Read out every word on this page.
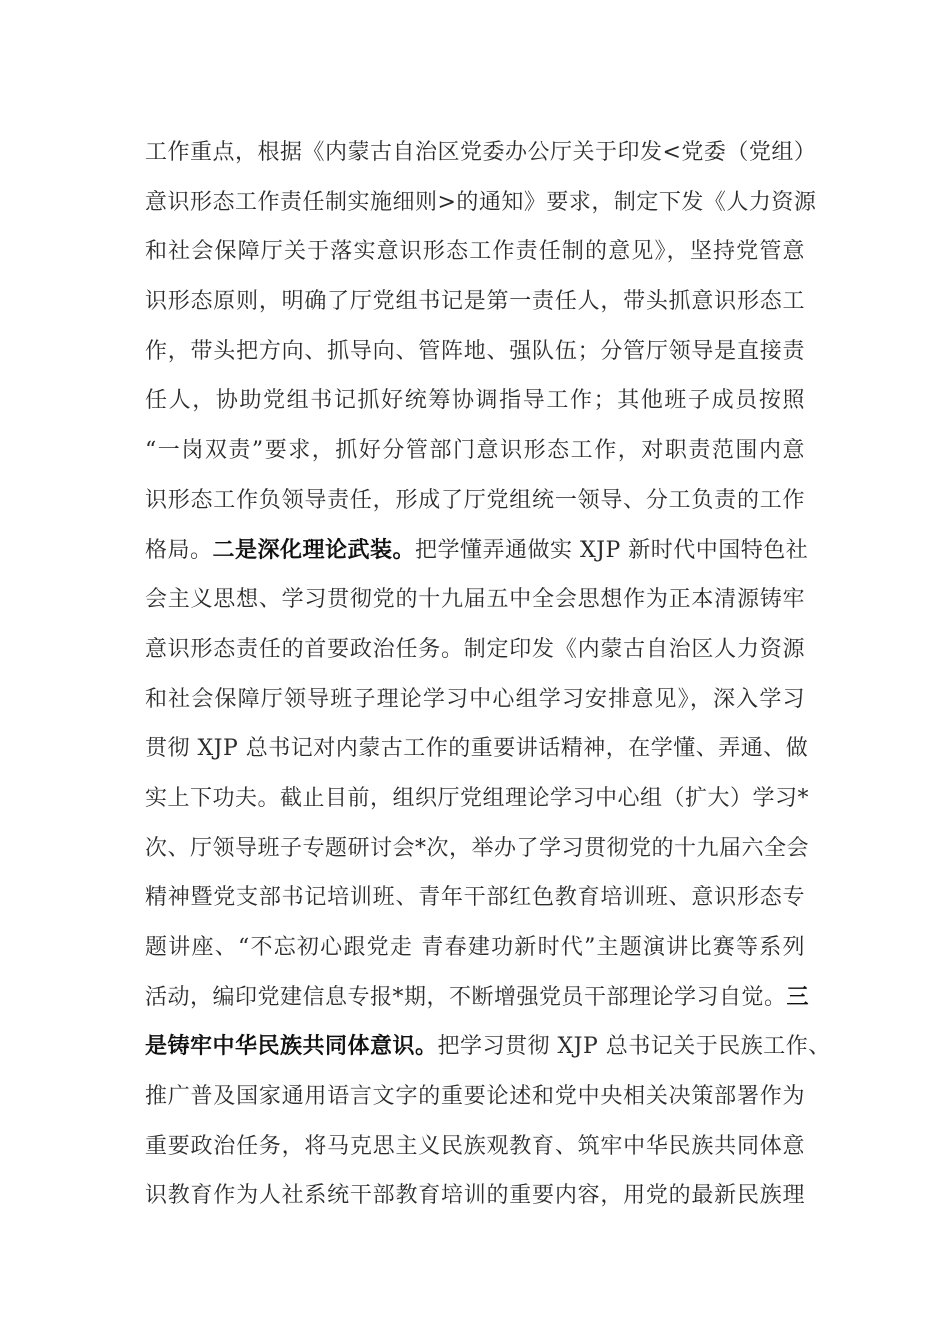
工作重点，根据《内蒙古自治区党委办公厅关于印发<党委（党组）
意识形态工作责任制实施细则>的通知》要求，制定下发《人力资源
和社会保障厅关于落实意识形态工作责任制的意见》，坚持党管意
识形态原则，明确了厅党组书记是第一责任人，带头抓意识形态工
作，带头把方向、抓导向、管阵地、强队伍；分管厅领导是直接责
任人，协助党组书记抓好统筹协调指导工作；其他班子成员按照
“一岗双责”要求，抓好分管部门意识形态工作，对职责范围内意
识形态工作负领导责任，形成了厅党组统一领导、分工负责的工作
格局。二是深化理论武装。把学懂弄通做实 XJP 新时代中国特色社
会主义思想、学习贯彻党的十九届五中全会思想作为正本清源铸牢
意识形态责任的首要政治任务。制定印发《内蒙古自治区人力资源
和社会保障厅领导班子理论学习中心组学习安排意见》，深入学习
贯彻 XJP 总书记对内蒙古工作的重要讲话精神，在学懂、弄通、做
实上下功夫。截止目前，组织厅党组理论学习中心组（扩大）学习*
次、厅领导班子专题研讨会*次，举办了学习贯彻党的十九届六全会
精神暨党支部书记培训班、青年干部红色教育培训班、意识形态专
题讲座、“不忘初心跟党走 青春建功新时代”主题演讲比赛等系列
活动，编印党建信息专报*期，不断增强党员干部理论学习自觉。三
是铸牢中华民族共同体意识。把学习贯彻 XJP 总书记关于民族工作、
推广普及国家通用语言文字的重要论述和党中央相关决策部署作为
重要政治任务，将马克思主义民族观教育、筑牢中华民族共同体意
识教育作为人社系统干部教育培训的重要内容，用党的最新民族理
